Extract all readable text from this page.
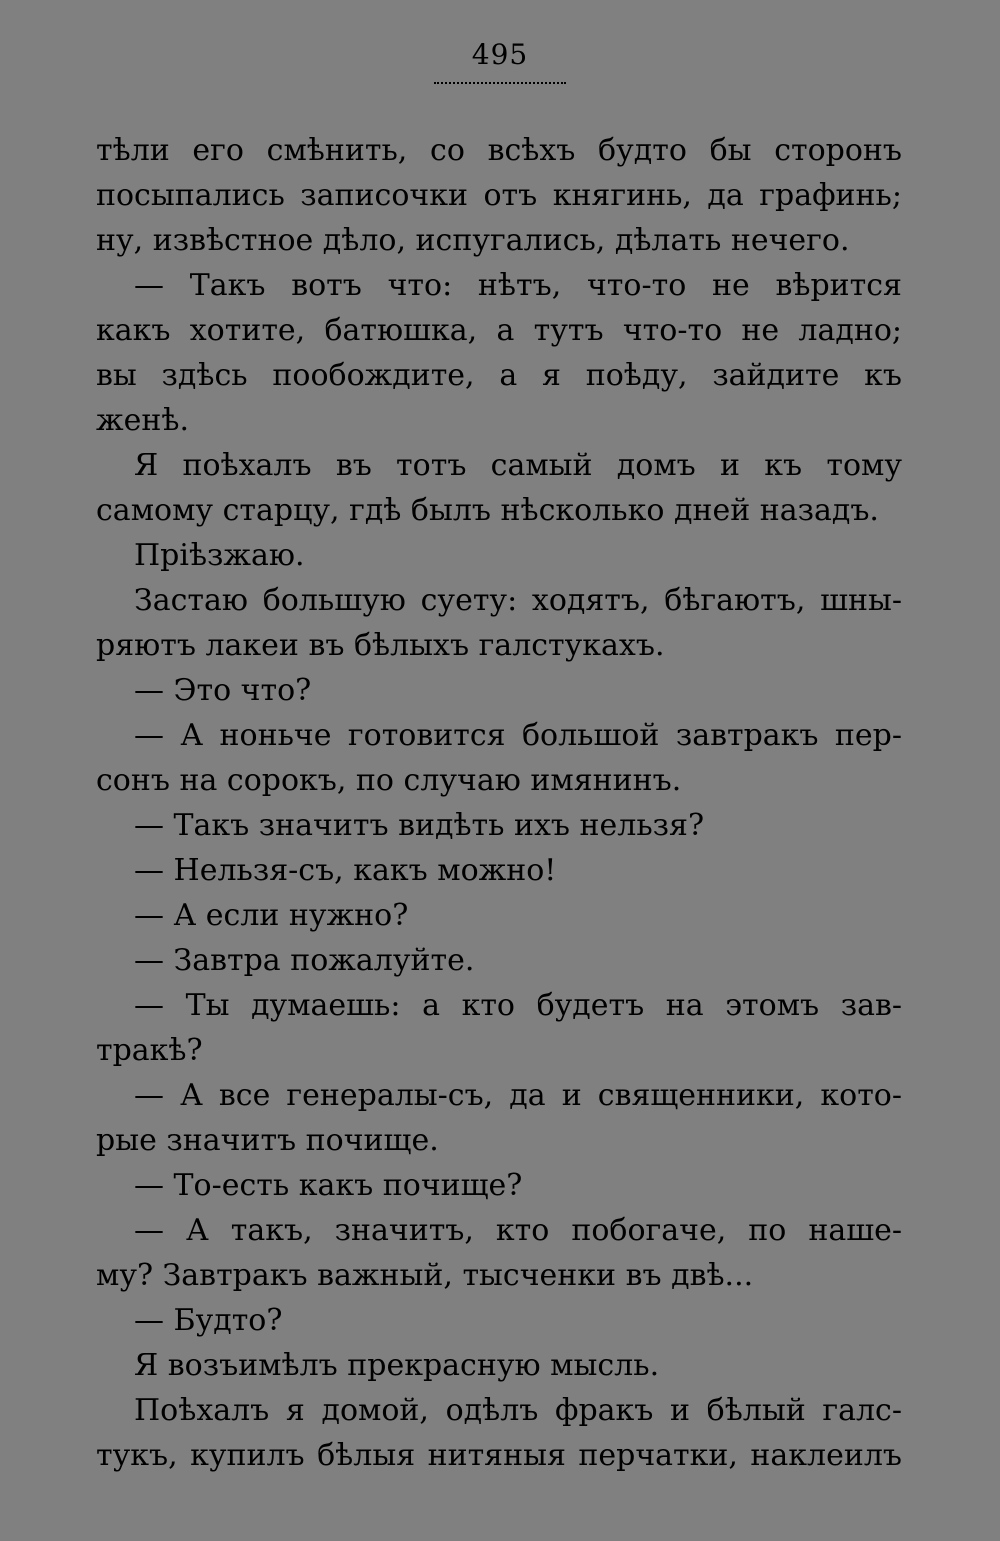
495
тѣли его смѣнить, со всѣхъ будто бы сторонъ
посыпались записочки отъ княгинь, да графинь;
ну, извѣстное дѣло, испугались, дѣлать нечего.
— Такъ вотъ что: нѣтъ, что-то не вѣрится
какъ хотите, батюшка, а тутъ что-то не ладно;
вы здѣсь пообождите, а я поѣду, зайдите къ
женѣ.
Я поѣхалъ въ тотъ самый домъ и къ тому
самому старцу, гдѣ былъ нѣсколько дней назадъ.
Пріѣзжаю.
Застаю большую суету: ходятъ, бѣгаютъ, шны-
ряютъ лакеи въ бѣлыхъ галстукахъ.
— Это что?
— А ноньче готовится большой завтракъ пер-
сонъ на сорокъ, по случаю имянинъ.
— Такъ значитъ видѣть ихъ нельзя?
— Нельзя-съ, какъ можно!
— А если нужно?
— Завтра пожалуйте.
— Ты думаешь: а кто будетъ на этомъ зав-
тракѣ?
— А все генералы-съ, да и священники, кото-
рые значитъ почище.
— То-есть какъ почище?
— А такъ, значитъ, кто побогаче, по наше-
му? Завтракъ важный, тысченки въ двѣ...
— Будто?
Я возъимѣлъ прекрасную мысль.
Поѣхалъ я домой, одѣлъ фракъ и бѣлый галс-
тукъ, купилъ бѣлыя нитяныя перчатки, наклеилъ
